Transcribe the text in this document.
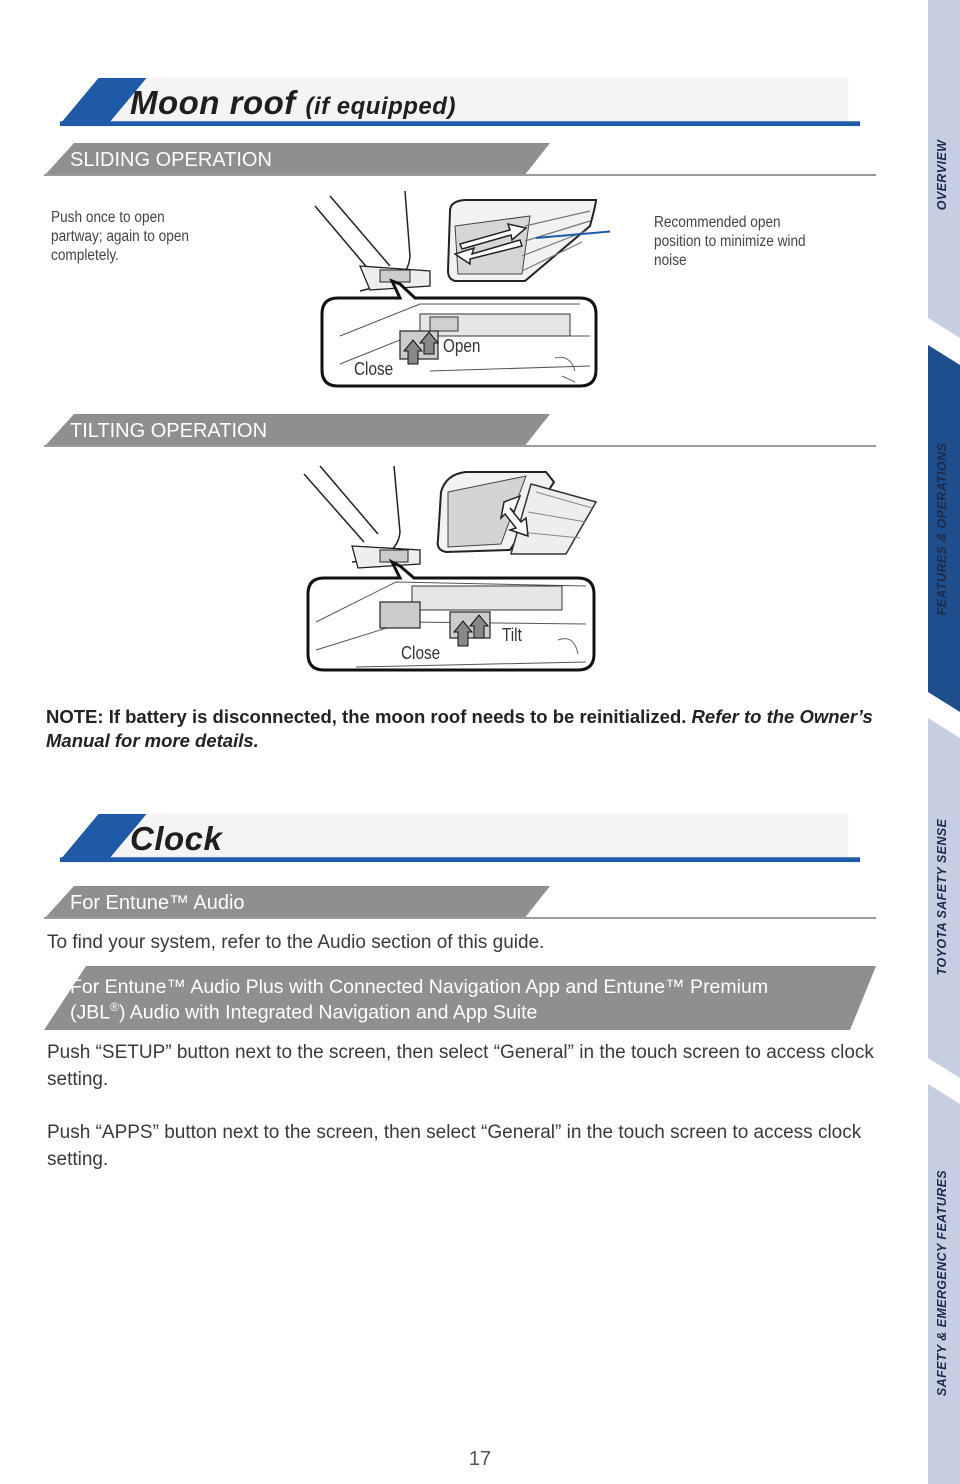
Moon roof (if equipped)
SLIDING OPERATION
Push once to open partway; again to open completely.
Recommended open position to minimize wind noise
Open
Close
TILTING OPERATION
Tilt
Close
NOTE: If battery is disconnected, the moon roof needs to be reinitialized. Refer to the Owner’s Manual for more details.
Clock
For Entune™ Audio
To find your system, refer to the Audio section of this guide.
For Entune™ Audio Plus with Connected Navigation App and Entune™ Premium
(JBL®) Audio with Integrated Navigation and App Suite
Push “SETUP” button next to the screen, then select “General” in the touch screen to access clock setting.
Push “APPS” button next to the screen, then select “General” in the touch screen to access clock setting.
OVERVIEW
FEATURES & OPERATIONS
TOYOTA SAFETY SENSE
SAFETY & EMERGENCY FEATURES
17
